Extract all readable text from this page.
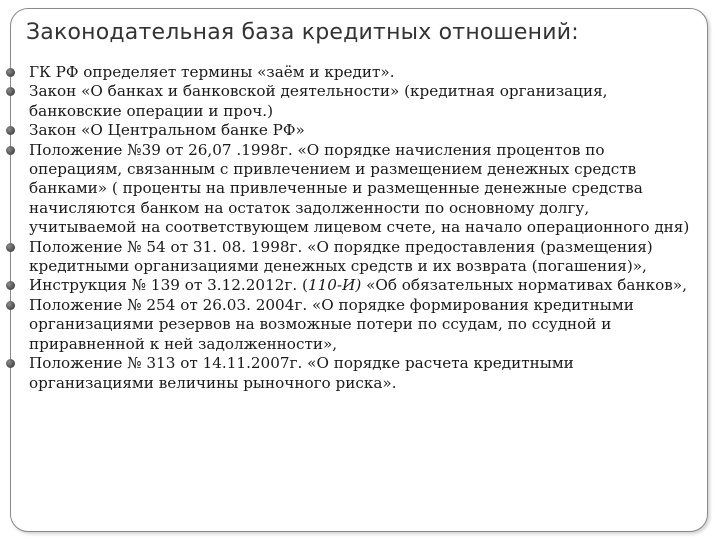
Законодательная база кредитных отношений:
ГК РФ определяет термины «заём и кредит».
Закон «О банках и банковской деятельности» (кредитная организация, банковские операции и проч.)
Закон «О Центральном банке РФ»
Положение №39 от 26,07 .1998г. «О порядке начисления процентов по операциям, связанным с привлечением и размещением денежных средств банками» ( проценты на привлеченные и размещенные денежные средства начисляются банком на остаток задолженности по основному долгу, учитываемой на соответствующем лицевом счете, на начало операционного дня)
Положение № 54 от 31. 08. 1998г. «О порядке предоставления (размещения) кредитными организациями денежных средств и их возврата (погашения)»,
Инструкция № 139 от 3.12.2012г. (110-И) «Об обязательных нормативах банков»,
Положение № 254 от 26.03. 2004г. «О порядке формирования кредитными организациями резервов на возможные потери по ссудам, по ссудной и приравненной к ней задолженности»,
Положение № 313 от 14.11.2007г. «О порядке расчета кредитными организациями величины рыночного риска».
